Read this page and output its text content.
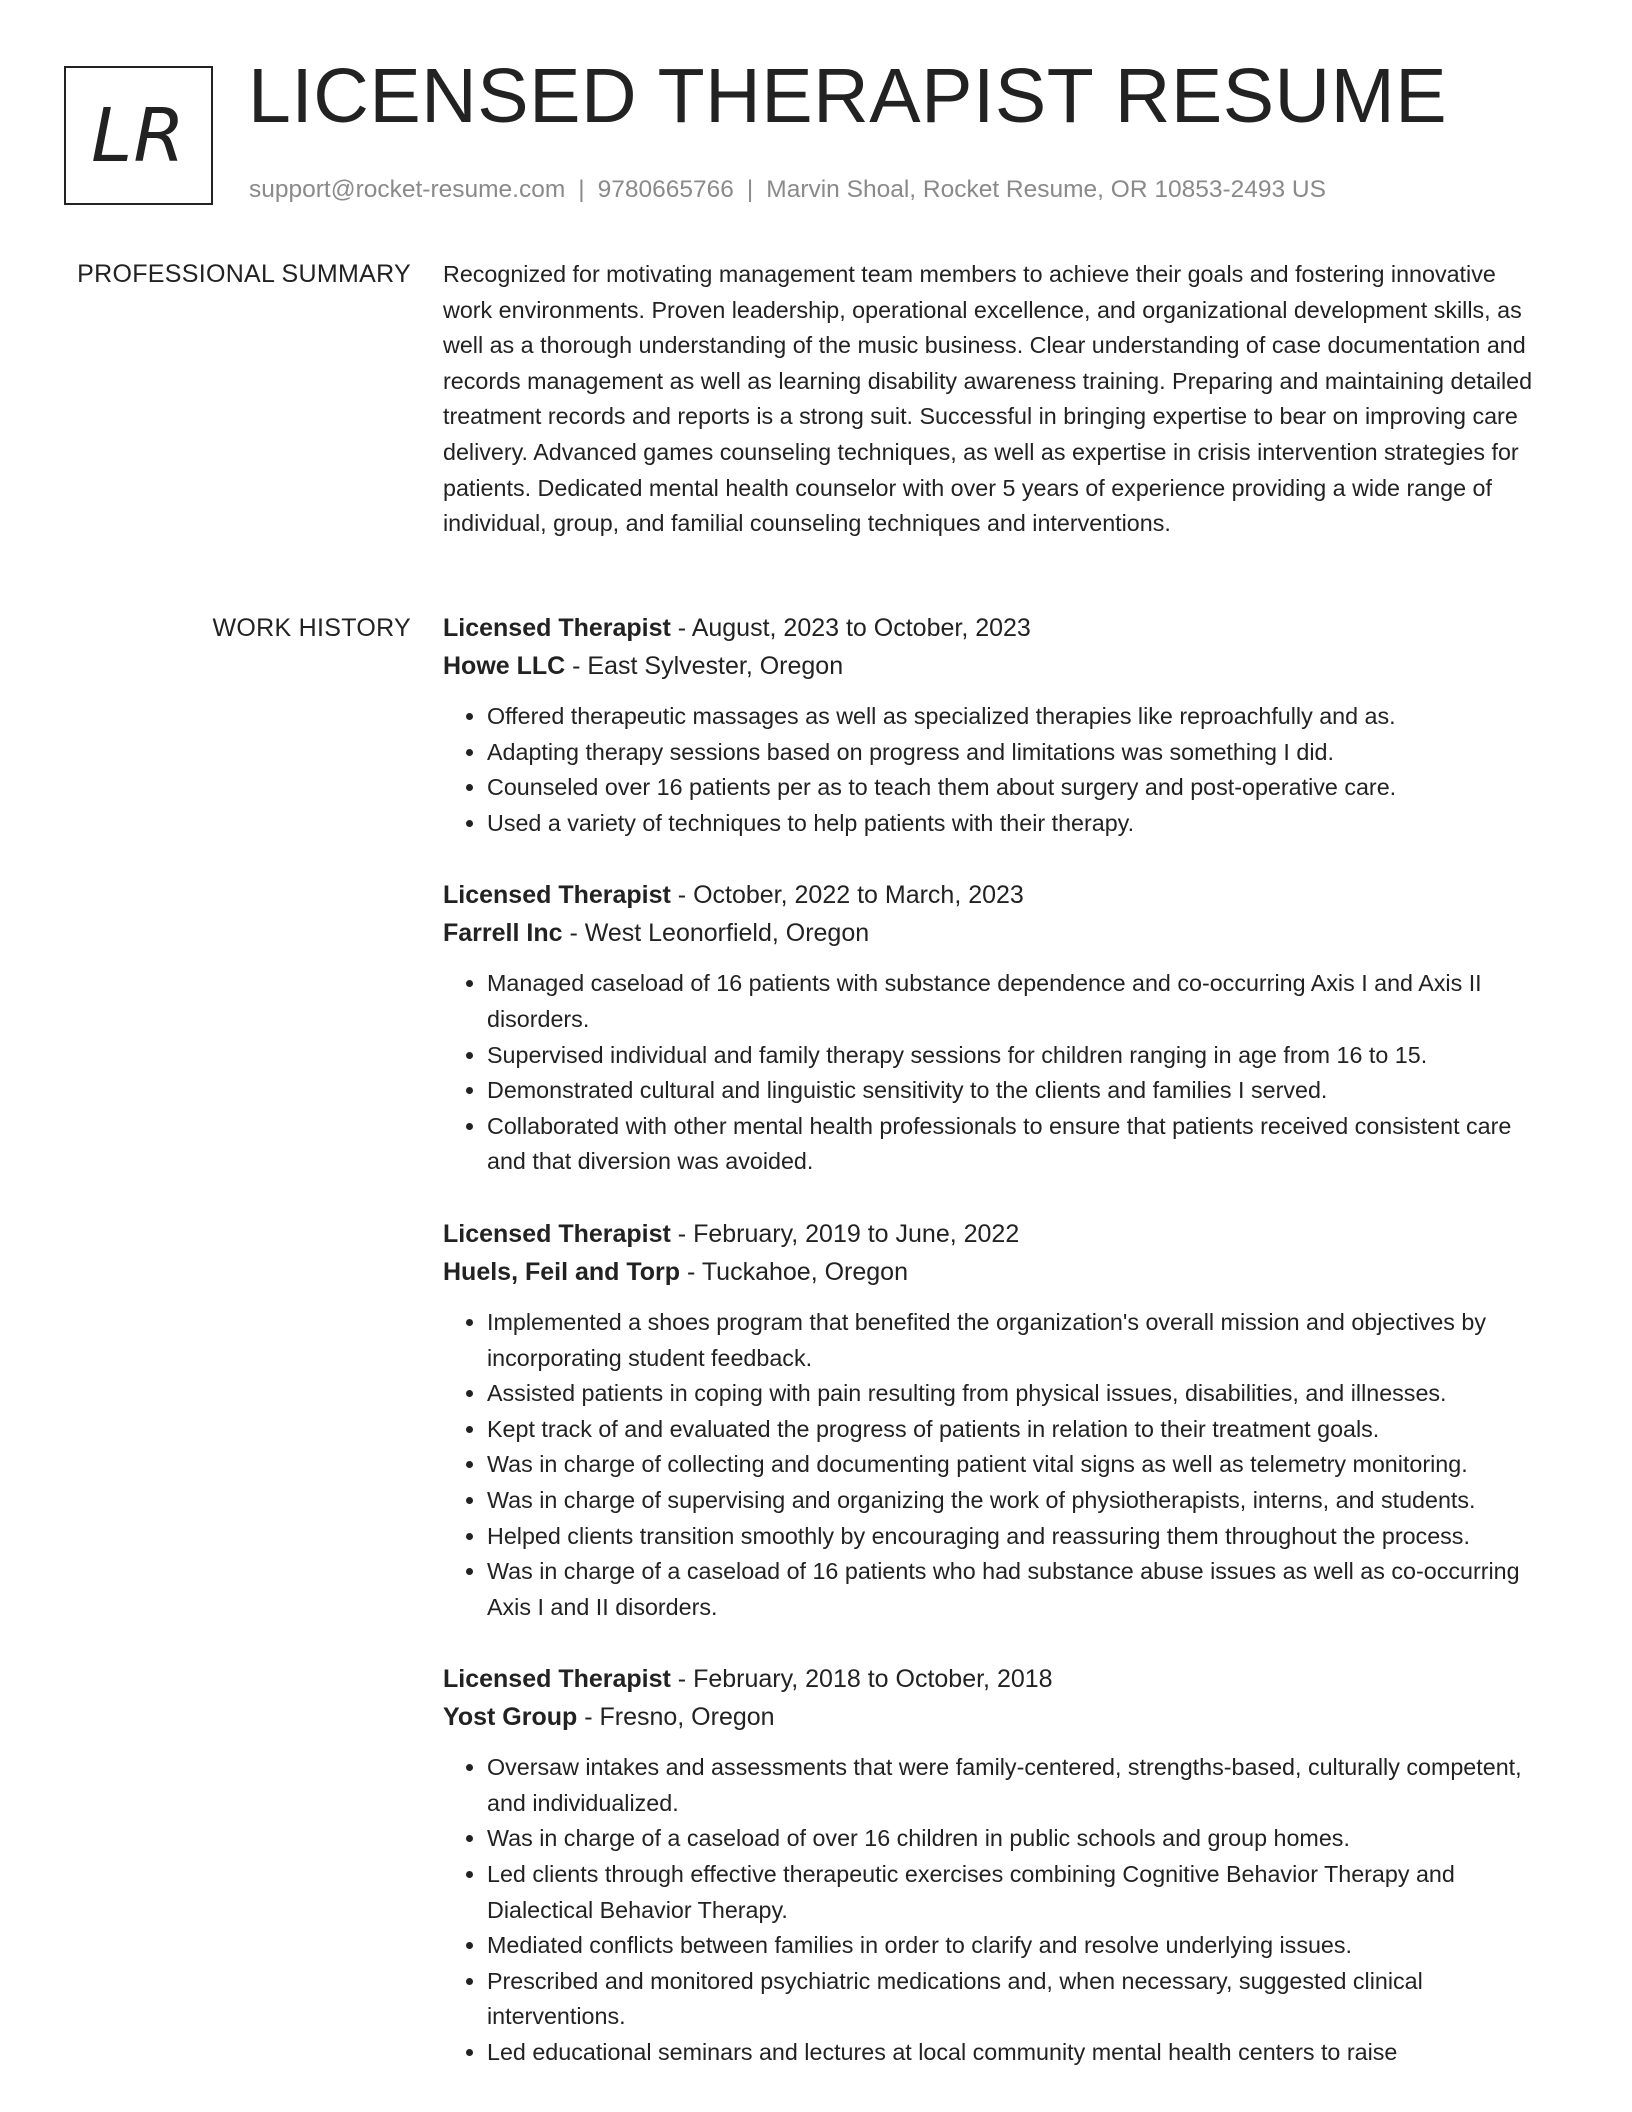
LR LICENSED THERAPIST RESUME
support@rocket-resume.com | 9780665766 | Marvin Shoal, Rocket Resume, OR 10853-2493 US
PROFESSIONAL SUMMARY Recognized for motivating management team members to achieve their goals and fostering innovative work environments. Proven leadership, operational excellence, and organizational development skills, as well as a thorough understanding of the music business. Clear understanding of case documentation and records management as well as learning disability awareness training. Preparing and maintaining detailed treatment records and reports is a strong suit. Successful in bringing expertise to bear on improving care delivery. Advanced games counseling techniques, as well as expertise in crisis intervention strategies for patients. Dedicated mental health counselor with over 5 years of experience providing a wide range of individual, group, and familial counseling techniques and interventions.

WORK HISTORY Licensed Therapist - August, 2023 to October, 2023
Howe LLC - East Sylvester, Oregon
• Offered therapeutic massages as well as specialized therapies like reproachfully and as.
• Adapting therapy sessions based on progress and limitations was something I did.
• Counseled over 16 patients per as to teach them about surgery and post-operative care.
• Used a variety of techniques to help patients with their therapy.
Licensed Therapist - October, 2022 to March, 2023
Farrell Inc - West Leonorfield, Oregon
• Managed caseload of 16 patients with substance dependence and co-occurring Axis I and Axis II disorders.
• Supervised individual and family therapy sessions for children ranging in age from 16 to 15.
• Demonstrated cultural and linguistic sensitivity to the clients and families I served.
• Collaborated with other mental health professionals to ensure that patients received consistent care and that diversion was avoided.
Licensed Therapist - February, 2019 to June, 2022
Huels, Feil and Torp - Tuckahoe, Oregon
• Implemented a shoes program that benefited the organization's overall mission and objectives by incorporating student feedback.
• Assisted patients in coping with pain resulting from physical issues, disabilities, and illnesses.
• Kept track of and evaluated the progress of patients in relation to their treatment goals.
• Was in charge of collecting and documenting patient vital signs as well as telemetry monitoring.
• Was in charge of supervising and organizing the work of physiotherapists, interns, and students.
• Helped clients transition smoothly by encouraging and reassuring them throughout the process.
• Was in charge of a caseload of 16 patients who had substance abuse issues as well as co-occurring Axis I and II disorders.
Licensed Therapist - February, 2018 to October, 2018
Yost Group - Fresno, Oregon
• Oversaw intakes and assessments that were family-centered, strengths-based, culturally competent, and individualized.
• Was in charge of a caseload of over 16 children in public schools and group homes.
• Led clients through effective therapeutic exercises combining Cognitive Behavior Therapy and Dialectical Behavior Therapy.
• Mediated conflicts between families in order to clarify and resolve underlying issues.
• Prescribed and monitored psychiatric medications and, when necessary, suggested clinical interventions.
• Led educational seminars and lectures at local community mental health centers to raise
